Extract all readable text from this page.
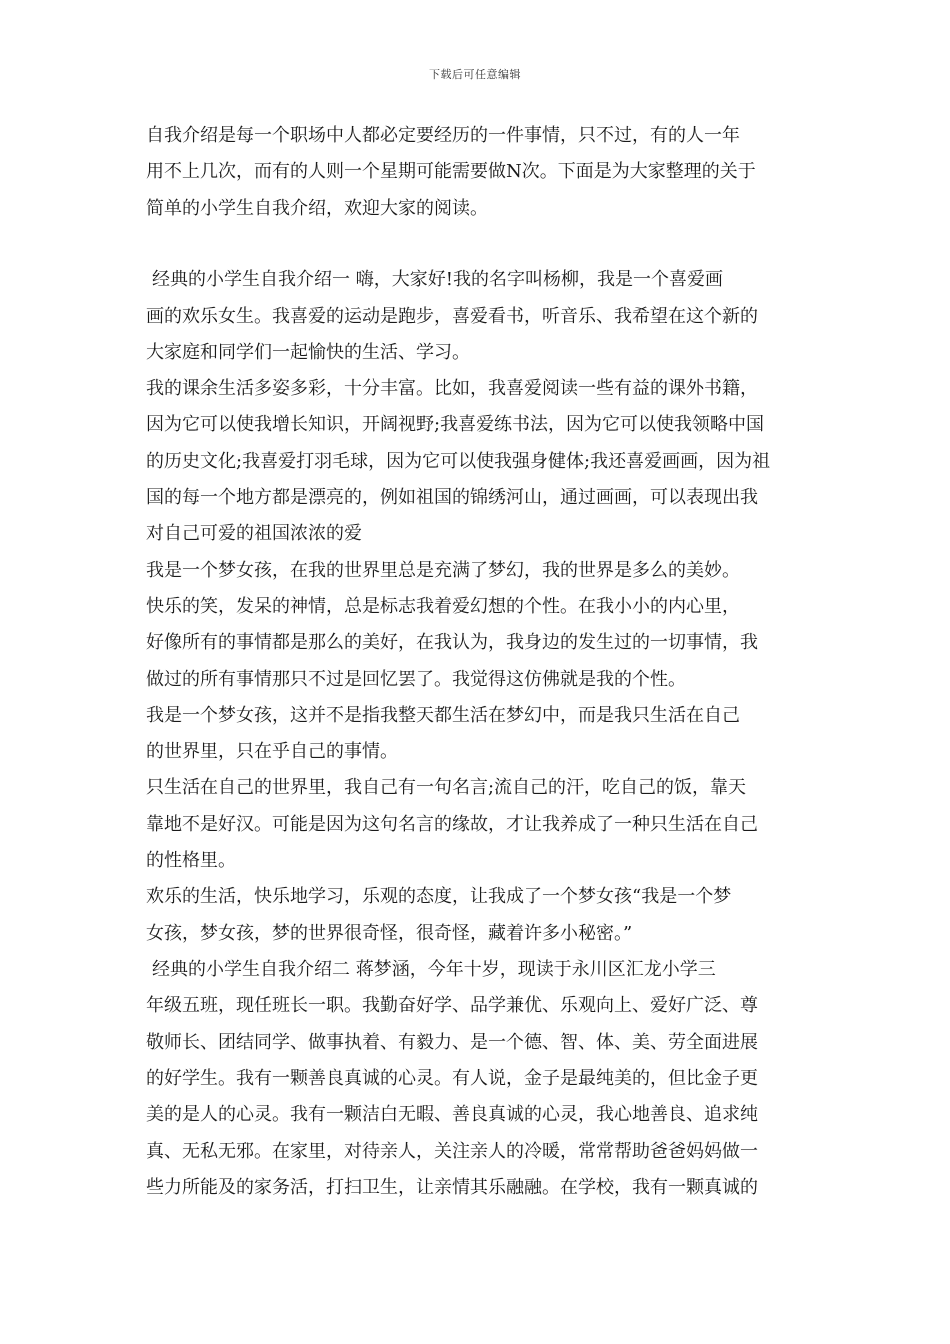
下载后可任意编辑
自我介绍是每一个职场中人都必定要经历的一件事情，只不过，有的人一年
用不上几次，而有的人则一个星期可能需要做N次。下面是为大家整理的关于
简单的小学生自我介绍，欢迎大家的阅读。
经典的小学生自我介绍一 嗨，大家好!我的名字叫杨柳，我是一个喜爱画
画的欢乐女生。我喜爱的运动是跑步，喜爱看书，听音乐、我希望在这个新的
大家庭和同学们一起愉快的生活、学习。
我的课余生活多姿多彩，十分丰富。比如，我喜爱阅读一些有益的课外书籍，
因为它可以使我增长知识，开阔视野;我喜爱练书法，因为它可以使我领略中国
的历史文化;我喜爱打羽毛球，因为它可以使我强身健体;我还喜爱画画，因为祖
国的每一个地方都是漂亮的，例如祖国的锦绣河山，通过画画，可以表现出我
对自己可爱的祖国浓浓的爱
我是一个梦女孩，在我的世界里总是充满了梦幻，我的世界是多么的美妙。
快乐的笑，发呆的神情，总是标志我着爱幻想的个性。在我小小的内心里，
好像所有的事情都是那么的美好，在我认为，我身边的发生过的一切事情，我
做过的所有事情那只不过是回忆罢了。我觉得这仿佛就是我的个性。
我是一个梦女孩，这并不是指我整天都生活在梦幻中，而是我只生活在自己
的世界里，只在乎自己的事情。
只生活在自己的世界里，我自己有一句名言;流自己的汗，吃自己的饭，靠天
靠地不是好汉。可能是因为这句名言的缘故，才让我养成了一种只生活在自己
的性格里。
欢乐的生活，快乐地学习，乐观的态度，让我成了一个梦女孩“我是一个梦
女孩，梦女孩，梦的世界很奇怪，很奇怪，藏着许多小秘密。”
经典的小学生自我介绍二 蒋梦涵，今年十岁，现读于永川区汇龙小学三
年级五班，现任班长一职。我勤奋好学、品学兼优、乐观向上、爱好广泛、尊
敬师长、团结同学、做事执着、有毅力、是一个德、智、体、美、劳全面进展
的好学生。我有一颗善良真诚的心灵。有人说，金子是最纯美的，但比金子更
美的是人的心灵。我有一颗洁白无暇、善良真诚的心灵，我心地善良、追求纯
真、无私无邪。在家里，对待亲人，关注亲人的冷暖，常常帮助爸爸妈妈做一
些力所能及的家务活，打扫卫生，让亲情其乐融融。在学校，我有一颗真诚的
